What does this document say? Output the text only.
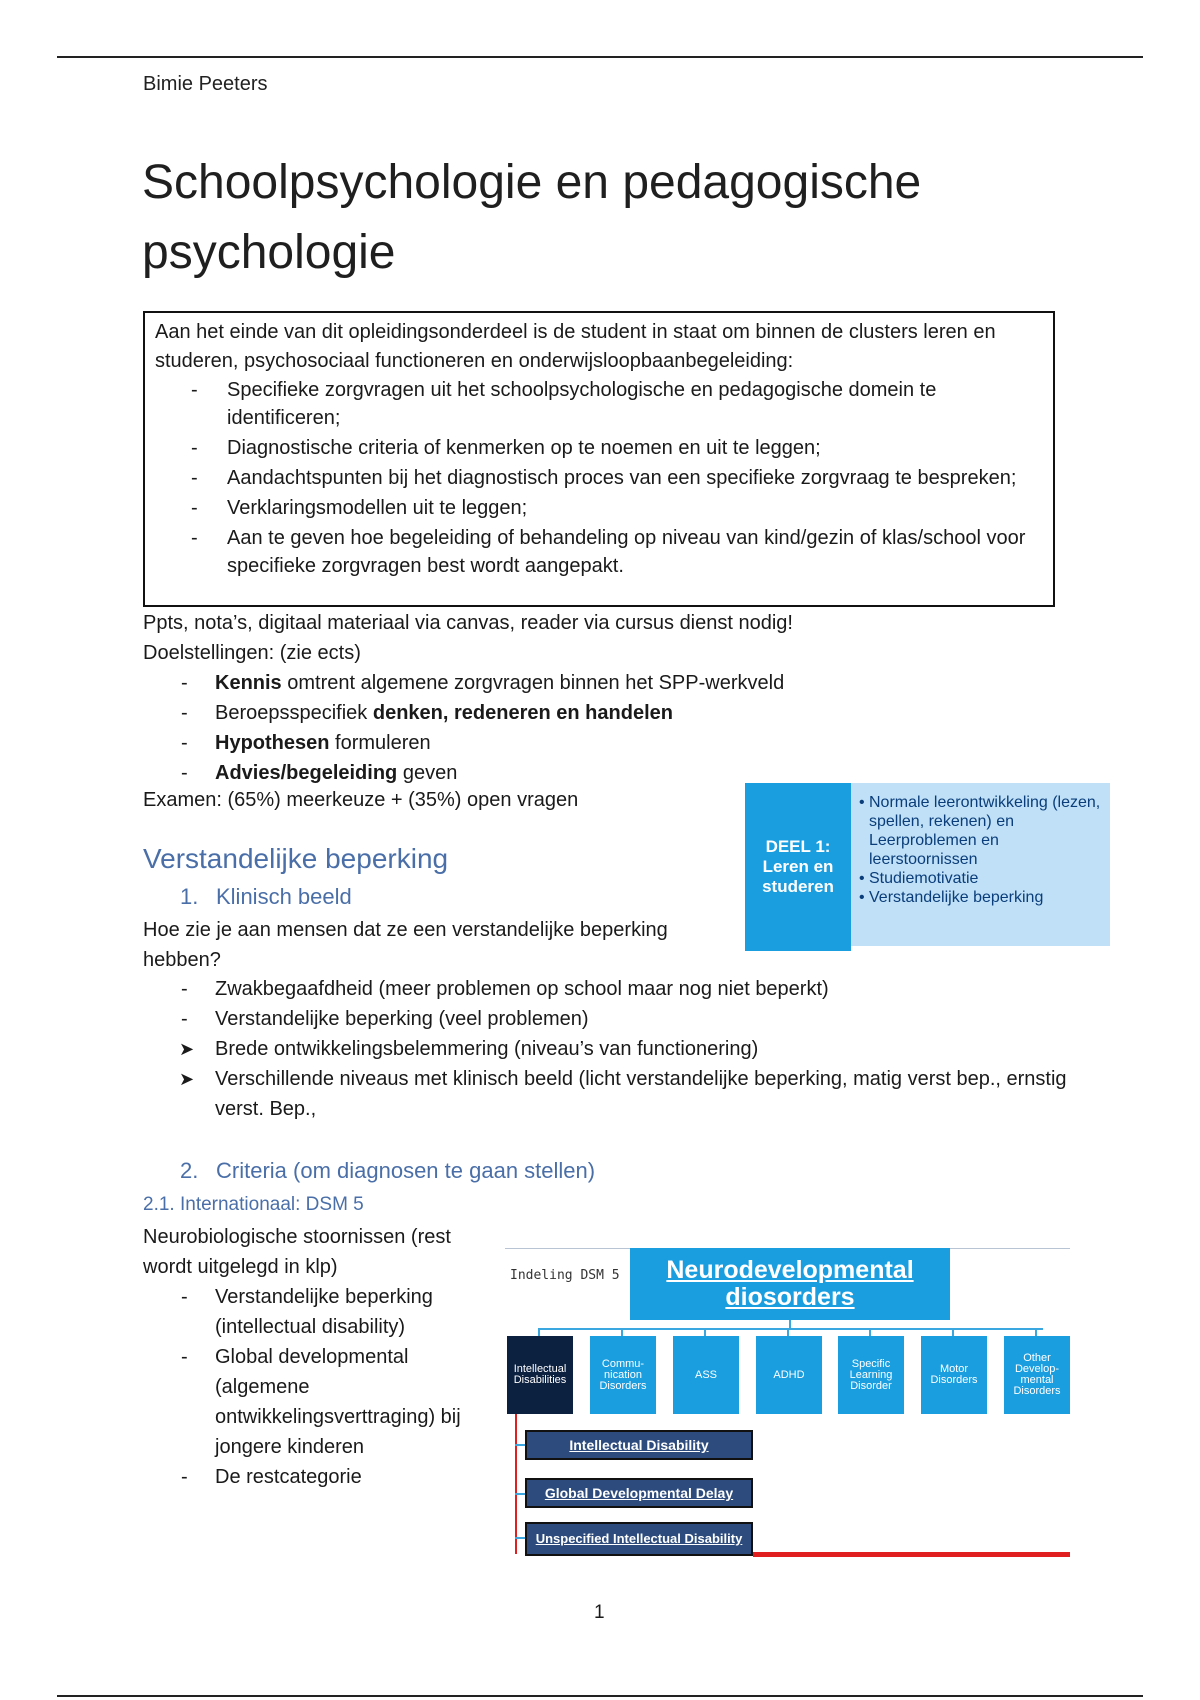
Bimie Peeters
Schoolpsychologie en pedagogische psychologie

Aan het einde van dit opleidingsonderdeel is de student in staat om binnen de clusters leren en studeren, psychosociaal functioneren en onderwijsloopbaanbegeleiding:

- Specifieke zorgvragen uit het schoolpsychologische en pedagogische domein te identificeren;
- Diagnostische criteria of kenmerken op te noemen en uit te leggen;
- Aandachtspunten bij het diagnostisch proces van een specifieke zorgvraag te bespreken;
- Verklaringsmodellen uit te leggen;
- Aan te geven hoe begeleiding of behandeling op niveau van kind/gezin of klas/school voor specifieke zorgvragen best wordt aangepakt.
Ppts, nota’s, digitaal materiaal via canvas, reader via cursus dienst nodig!
Doelstellingen: (zie ects)
- Kennis omtrent algemene zorgvragen binnen het SPP-werkveld
- Beroepsspecifiek denken, redeneren en handelen
- Hypothesen formuleren
- Advies/begeleiding geven
Examen: (65%) meerkeuze + (35%) open vragen
DEEL 1: Leren en studeren
• Normale leerontwikkeling (lezen, spellen, rekenen) en Leerproblemen en leerstoornissen
• Studiemotivatie
• Verstandelijke beperking
Verstandelijke beperking
1. Klinisch beeld
Hoe zie je aan mensen dat ze een verstandelijke beperking hebben?
- Zwakbegaafdheid (meer problemen op school maar nog niet beperkt)
- Verstandelijke beperking (veel problemen)
➤ Brede ontwikkelingsbelemmering (niveau’s van functionering)
➤ Verschillende niveaus met klinisch beeld (licht verstandelijke beperking, matig verst bep., ernstig verst. Bep.,
2. Criteria (om diagnosen te gaan stellen)
2.1. Internationaal: DSM 5
Neurobiologische stoornissen (rest wordt uitgelegd in klp)
- Verstandelijke beperking (intellectual disability)
- Global developmental (algemene ontwikkelingsverttraging) bij jongere kinderen
- De restcategorie
Indeling DSM 5	Neurodevelopmental diosorders
Intellectual Disabilities
Commu-nication Disorders
ASS	ADHD
Specific Learning Disorder
Motor Disorders
Other Develop-mental Disorders
Intellectual Disability
Global Developmental Delay
Unspecified Intellectual Disability
1
